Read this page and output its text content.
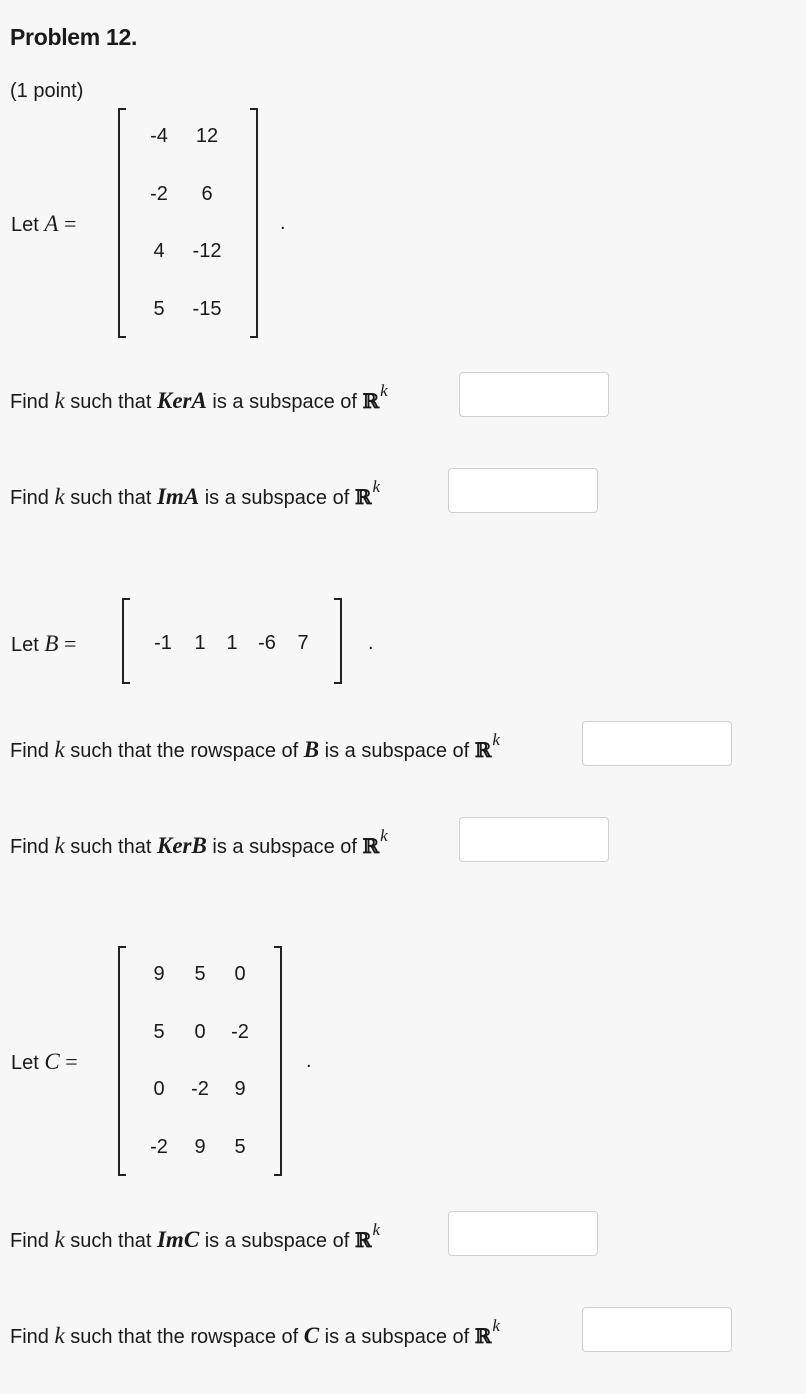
Problem 12.
(1 point)
Let A =
-4	12
-2	6
4	-12
5	-15
.
Find k such that KerA is a subspace of ℝ$^k$
Find k such that ImA is a subspace of ℝ$^k$
Let B =	-1	1	1	-6	7	.
Find k such that the rowspace of B is a subspace of ℝ$^k$
Find k such that KerB is a subspace of ℝ$^k$
Let C =
9	5	0
5	0	-2
0	-2	9
-2	9	5
.
Find k such that ImC is a subspace of ℝ$^k$
Find k such that the rowspace of C is a subspace of ℝ$^k$
